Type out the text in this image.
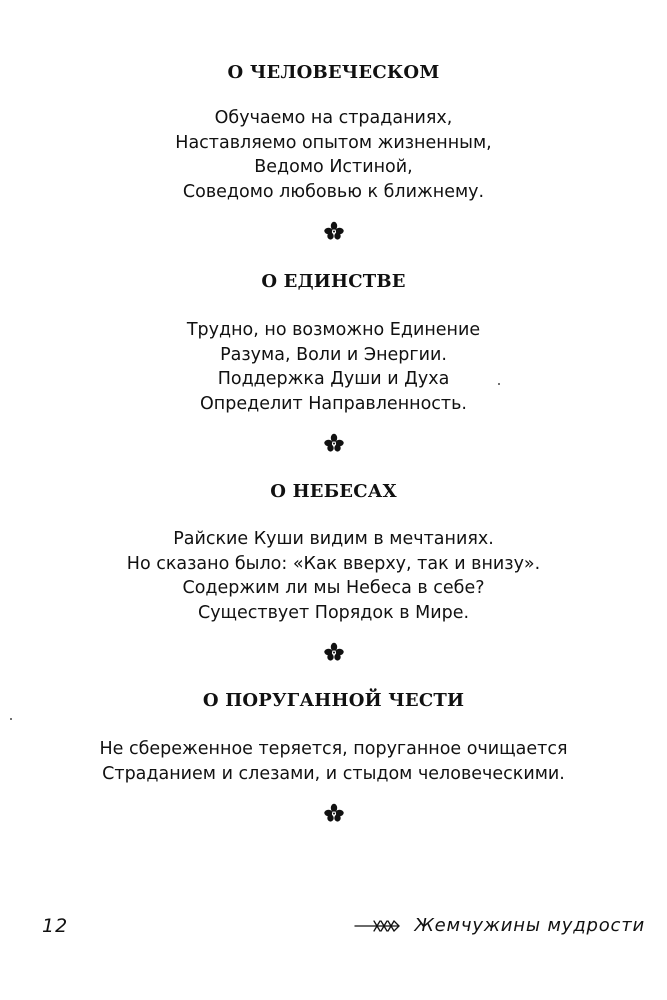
О ЧЕЛОВЕЧЕСКОМ
Обучаемо на страданиях,
Наставляемо опытом жизненным,
Ведомо Истиной,
Соведомо любовью к ближнему.
О ЕДИНСТВЕ
Трудно, но возможно Единение
Разума, Воли и Энергии.
Поддержка Души и Духа
Определит Направленность.
О НЕБЕСАХ
Райские Куши видим в мечтаниях.
Но сказано было: «Как вверху, так и внизу».
Содержим ли мы Небеса в себе?
Существует Порядок в Мире.
О ПОРУГАННОЙ ЧЕСТИ
Не сбереженное теряется, поруганное очищается
Страданием и слезами, и стыдом человеческими.
12	Жемчужины мудрости
